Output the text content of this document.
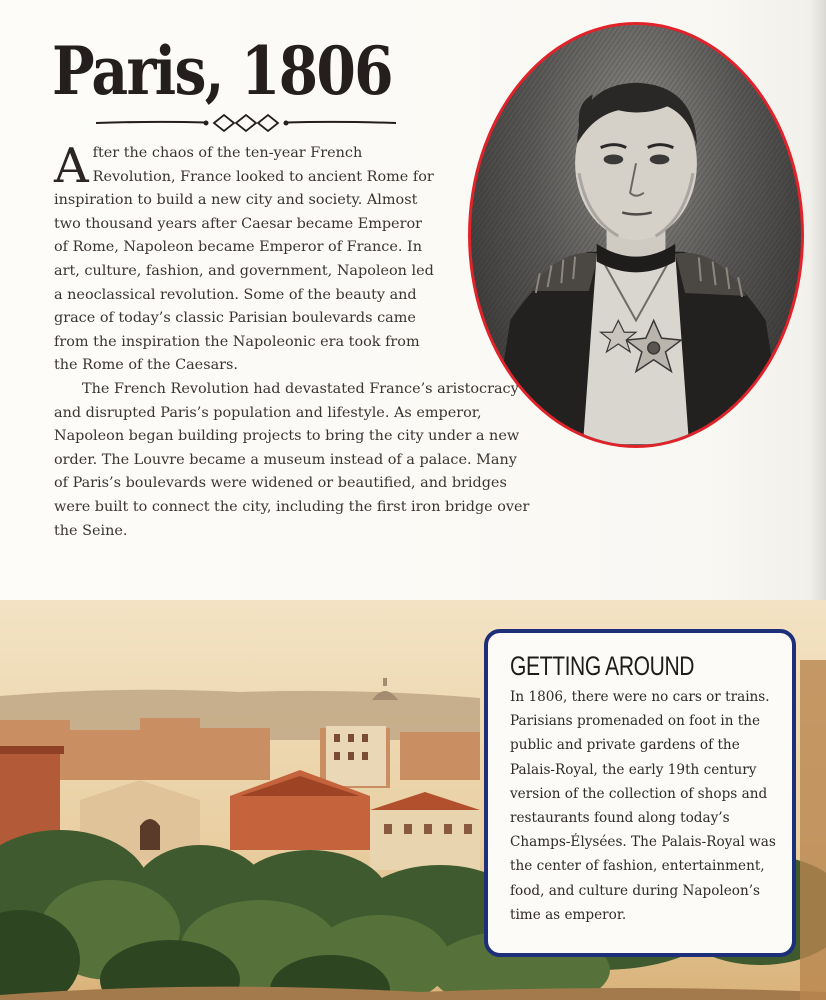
Paris, 1806

After the chaos of the ten-year French Revolution, France looked to ancient Rome for inspiration to build a new city and society. Almost two thousand years after Caesar became Emperor of Rome, Napoleon became Emperor of France. In art, culture, fashion, and government, Napoleon led a neoclassical revolution. Some of the beauty and grace of today’s classic Parisian boulevards came from the inspiration the Napoleonic era took from the Rome of the Caesars.

The French Revolution had devastated France’s aristocracy and disrupted Paris’s population and lifestyle. As emperor, Napoleon began building projects to bring the city under a new order. The Louvre became a museum instead of a palace. Many of Paris’s boulevards were widened or beautified, and bridges were built to connect the city, including the first iron bridge over the Seine.

GETTING AROUND

In 1806, there were no cars or trains. Parisians promenaded on foot in the public and private gardens of the Palais-Royal, the early 19th century version of the collection of shops and restaurants found along today’s Champs-Élysées. The Palais-Royal was the center of fashion, entertainment, food, and culture during Napoleon’s time as emperor.
